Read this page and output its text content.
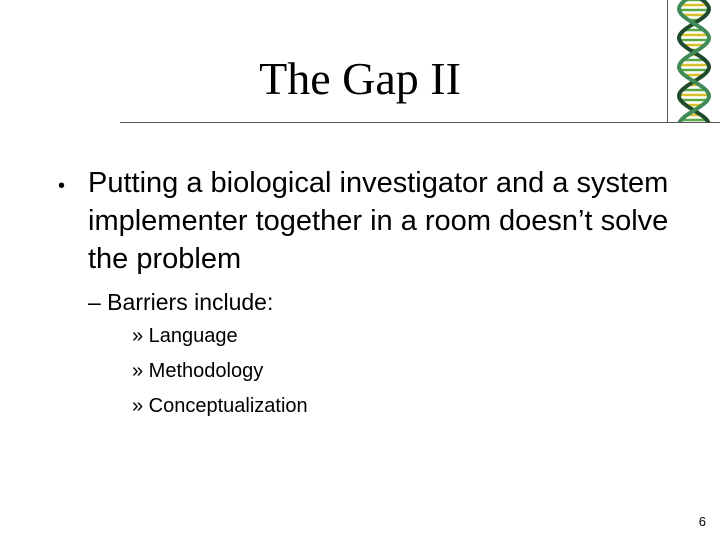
The Gap II
• Putting a biological investigator and a system implementer together in a room doesn’t solve the problem
– Barriers include:
» Language
» Methodology
» Conceptualization
6
